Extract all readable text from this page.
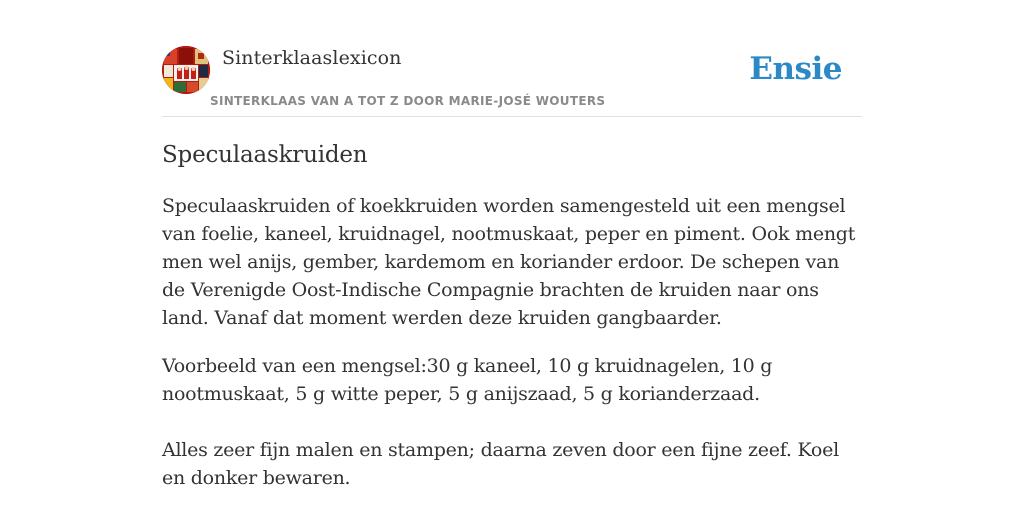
Sinterklaaslexicon
SINTERKLAAS VAN A TOT Z DOOR MARIE-JOSÉ WOUTERS
Ensie
Speculaaskruiden

Speculaaskruiden of koekkruiden worden samengesteld uit een mengsel van foelie, kaneel, kruidnagel, nootmuskaat, peper en piment. Ook mengt men wel anijs, gember, kardemom en koriander erdoor. De schepen van de Verenigde Oost-Indische Compagnie brachten de kruiden naar ons land. Vanaf dat moment werden deze kruiden gangbaarder.

Voorbeeld van een mengsel:30 g kaneel, 10 g kruidnagelen, 10 g nootmuskaat, 5 g witte peper, 5 g anijszaad, 5 g korianderzaad.

Alles zeer fijn malen en stampen; daarna zeven door een fijne zeef. Koel en donker bewaren.
